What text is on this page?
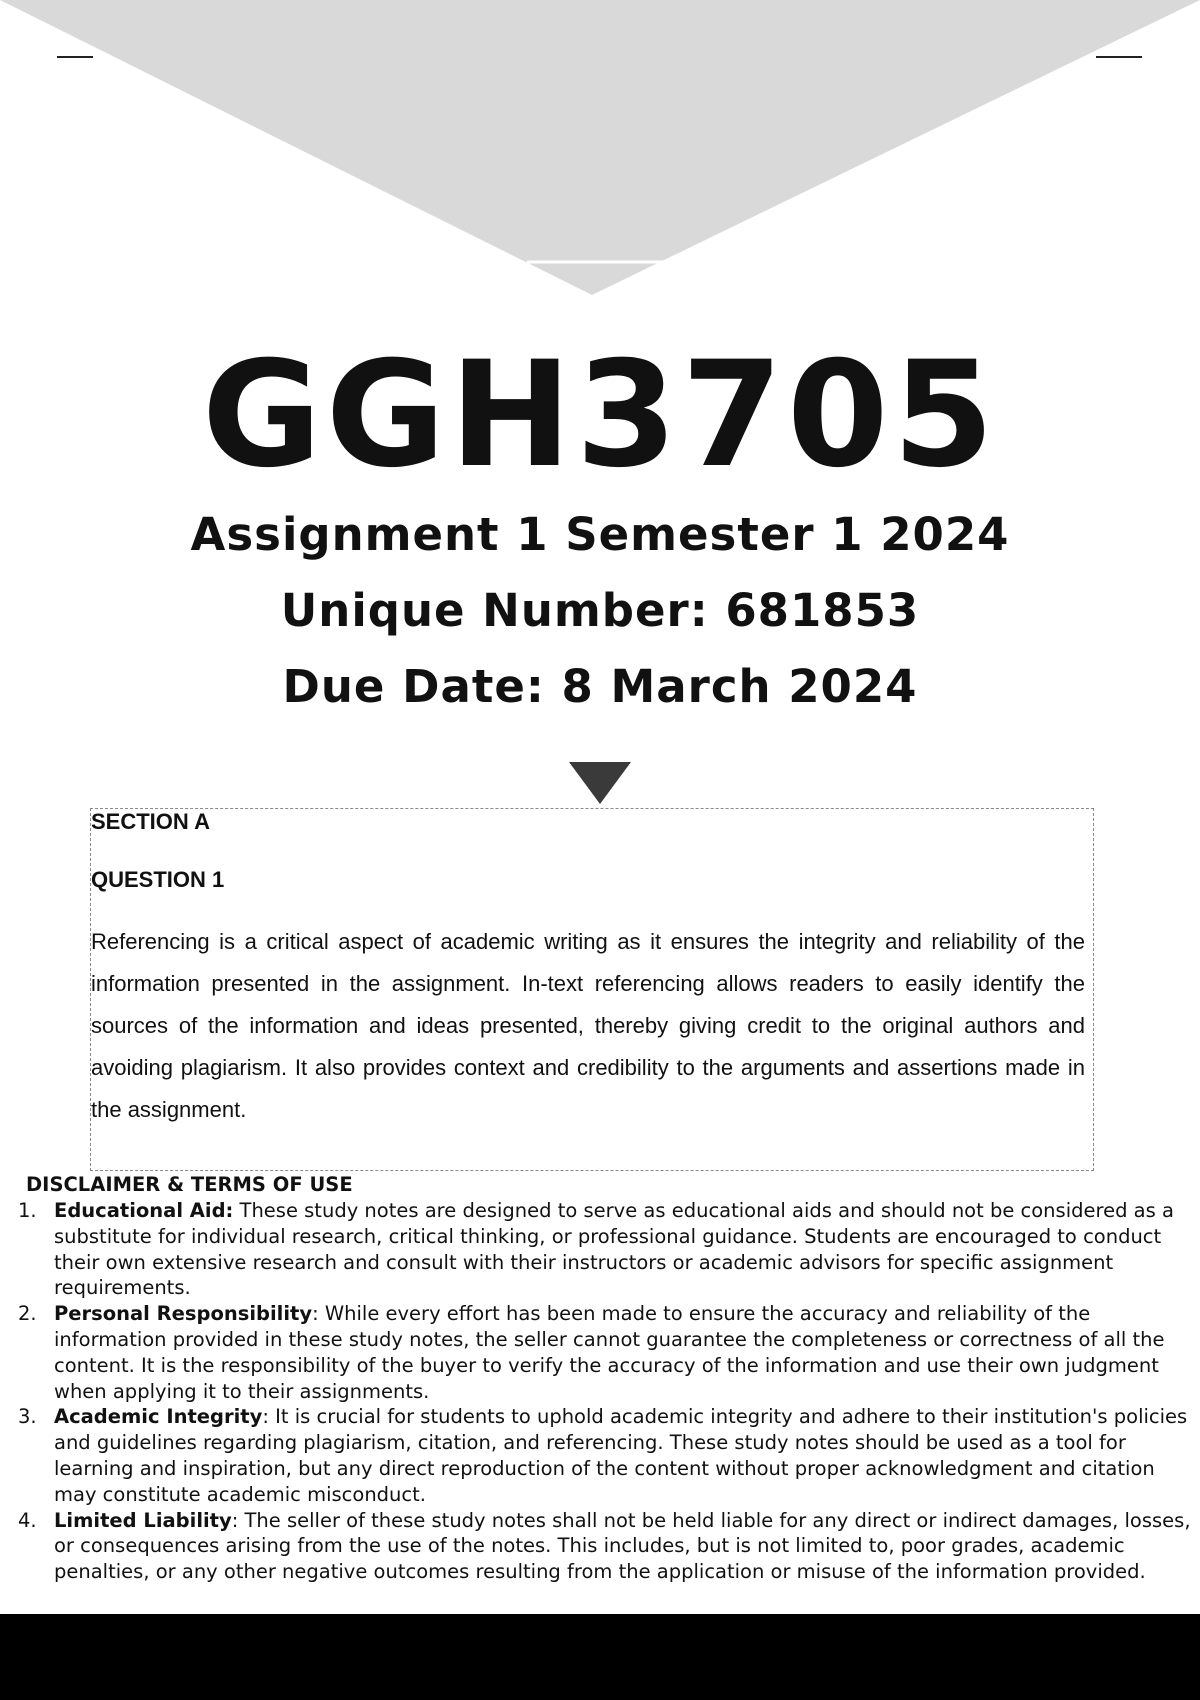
GGH3705
Assignment 1 Semester 1 2024
Unique Number: 681853
Due Date: 8 March 2024
SECTION A
QUESTION 1

Referencing is a critical aspect of academic writing as it ensures the integrity and reliability of the information presented in the assignment. In-text referencing allows readers to easily identify the sources of the information and ideas presented, thereby giving credit to the original authors and avoiding plagiarism. It also provides context and credibility to the arguments and assertions made in the assignment.

DISCLAIMER & TERMS OF USE
1. Educational Aid: These study notes are designed to serve as educational aids and should not be considered as a substitute for individual research, critical thinking, or professional guidance. Students are encouraged to conduct their own extensive research and consult with their instructors or academic advisors for specific assignment requirements.
2. Personal Responsibility: While every effort has been made to ensure the accuracy and reliability of the information provided in these study notes, the seller cannot guarantee the completeness or correctness of all the content. It is the responsibility of the buyer to verify the accuracy of the information and use their own judgment when applying it to their assignments.
3. Academic Integrity: It is crucial for students to uphold academic integrity and adhere to their institution's policies and guidelines regarding plagiarism, citation, and referencing. These study notes should be used as a tool for learning and inspiration, but any direct reproduction of the content without proper acknowledgment and citation may constitute academic misconduct.
4. Limited Liability: The seller of these study notes shall not be held liable for any direct or indirect damages, losses, or consequences arising from the use of the notes. This includes, but is not limited to, poor grades, academic penalties, or any other negative outcomes resulting from the application or misuse of the information provided.
